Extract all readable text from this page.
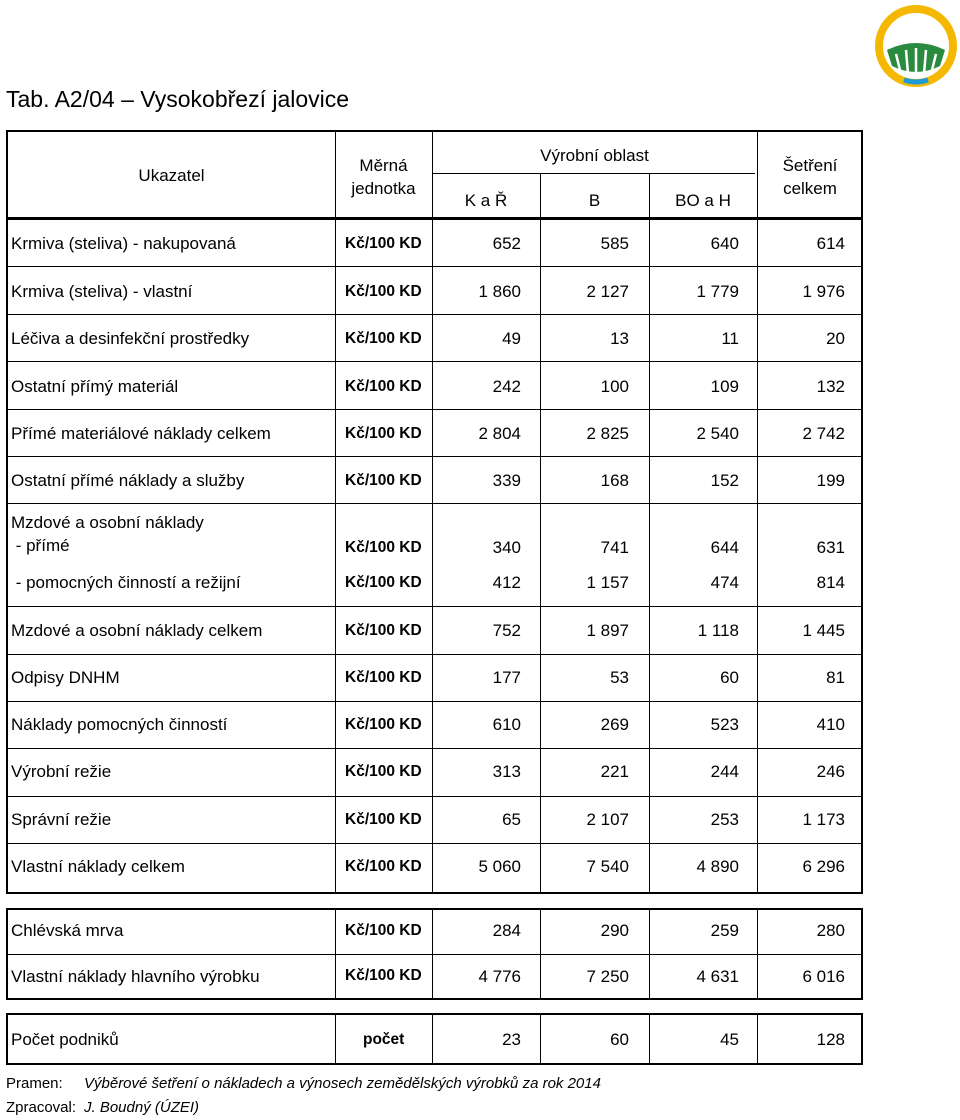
Tab. A2/04 – Vysokobřezí jalovice
Ukazatel
Měrná
jednotka
Výrobní oblast
K a Ř	B	BO a H
Šetření
celkem
Krmiva (steliva) - nakupovaná	Kč/100 KD	652	585	640	614
Krmiva (steliva) - vlastní	Kč/100 KD	1 860	2 127	1 779	1 976
Léčiva a desinfekční prostředky	Kč/100 KD	49	13	11	20
Ostatní přímý materiál	Kč/100 KD	242	100	109	132
Přímé materiálové náklady celkem	Kč/100 KD	2 804	2 825	2 540	2 742
Ostatní přímé náklady a služby	Kč/100 KD	339	168	152	199
Mzdové a osobní náklady
- přímé	Kč/100 KD	340	741	644	631
- pomocných činností a režijní	Kč/100 KD	412	1 157	474	814
Mzdové a osobní náklady celkem	Kč/100 KD	752	1 897	1 118	1 445
Odpisy DNHM	Kč/100 KD	177	53	60	81
Náklady pomocných činností	Kč/100 KD	610	269	523	410
Výrobní režie	Kč/100 KD	313	221	244	246
Správní režie	Kč/100 KD	65	2 107	253	1 173
Vlastní náklady celkem	Kč/100 KD	5 060	7 540	4 890	6 296
Chlévská mrva	Kč/100 KD	284	290	259	280
Vlastní náklady hlavního výrobku	Kč/100 KD	4 776	7 250	4 631	6 016
Počet podniků	počet	23	60	45	128
Pramen: Výběrové šetření o nákladech a výnosech zemědělských výrobků za rok 2014
Zpracoval: J. Boudný (ÚZEI)
